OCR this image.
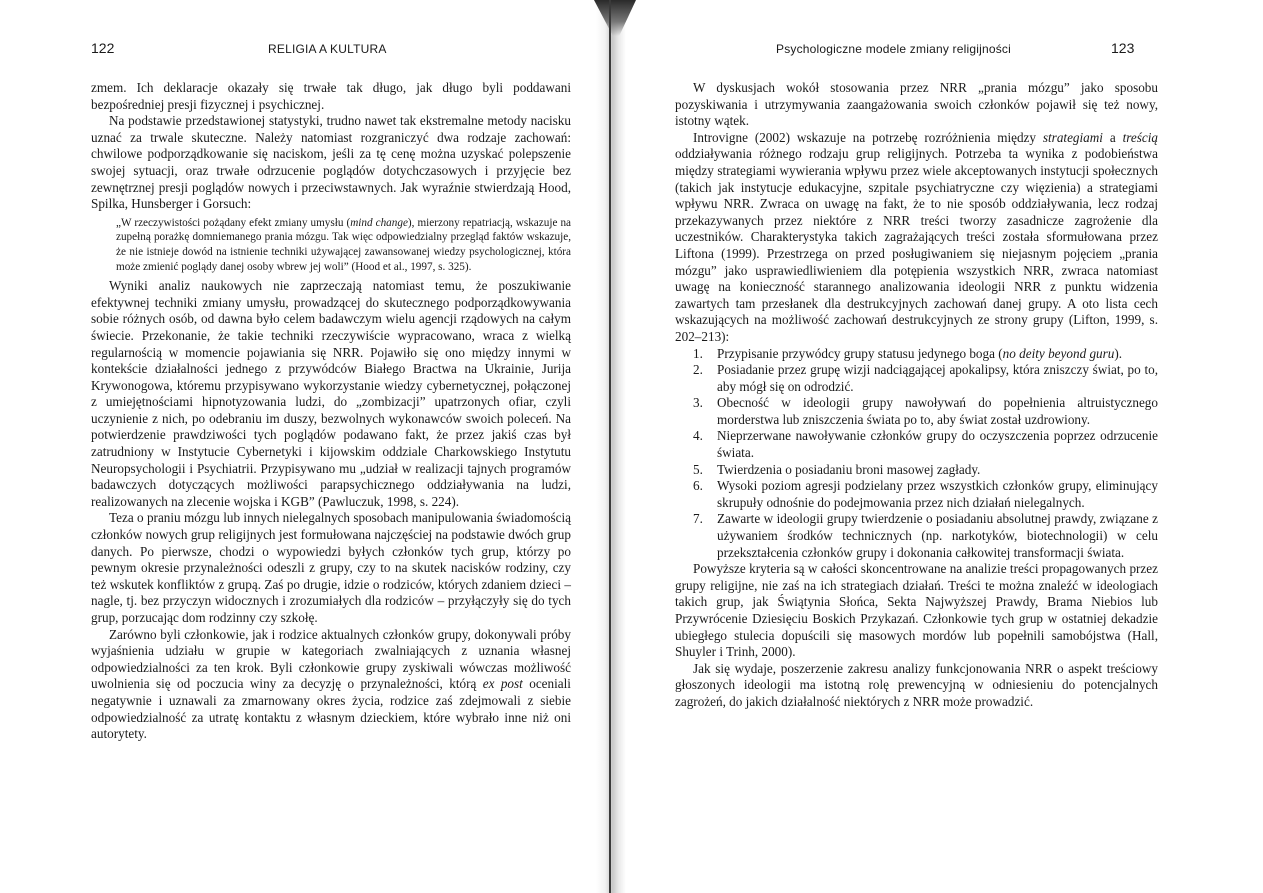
122	RELIGIA A KULTURA

zmem. Ich deklaracje okazały się trwałe tak długo, jak długo byli poddawani bezpośredniej presji fizycznej i psychicznej.

Na podstawie przedstawionej statystyki, trudno nawet tak ekstremalne metody nacisku uznać za trwale skuteczne. Należy natomiast rozgraniczyć dwa rodzaje zachowań: chwilowe podporządkowanie się naciskom, jeśli za tę cenę można uzyskać polepszenie swojej sytuacji, oraz trwałe odrzucenie poglądów dotychczasowych i przyjęcie bez zewnętrznej presji poglądów nowych i przeciwstawnych. Jak wyraźnie stwierdzają Hood, Spilka, Hunsberger i Gorsuch:

„W rzeczywistości pożądany efekt zmiany umysłu (mind change), mierzony repatriacją, wskazuje na zupełną porażkę domniemanego prania mózgu. Tak więc odpowiedzialny przegląd faktów wskazuje, że nie istnieje dowód na istnienie techniki używającej zawansowanej wiedzy psychologicznej, która może zmienić poglądy danej osoby wbrew jej woli” (Hood et al., 1997, s. 325).

Wyniki analiz naukowych nie zaprzeczają natomiast temu, że poszukiwanie efektywnej techniki zmiany umysłu, prowadzącej do skutecznego podporządkowywania sobie różnych osób, od dawna było celem badawczym wielu agencji rządowych na całym świecie. Przekonanie, że takie techniki rzeczywiście wypracowano, wraca z wielką regularnością w momencie pojawiania się NRR. Pojawiło się ono między innymi w kontekście działalności jednego z przywódców Białego Bractwa na Ukrainie, Jurija Krywonogowa, któremu przypisywano wykorzystanie wiedzy cybernetycznej, połączonej z umiejętnościami hipnotyzowania ludzi, do „zombizacji” upatrzonych ofiar, czyli uczynienie z nich, po odebraniu im duszy, bezwolnych wykonawców swoich poleceń. Na potwierdzenie prawdziwości tych poglądów podawano fakt, że przez jakiś czas był zatrudniony w Instytucie Cybernetyki i kijowskim oddziale Charkowskiego Instytutu Neuropsychologii i Psychiatrii. Przypisywano mu „udział w realizacji tajnych programów badawczych dotyczących możliwości parapsychicznego oddziaływania na ludzi, realizowanych na zlecenie wojska i KGB” (Pawluczuk, 1998, s. 224).

Teza o praniu mózgu lub innych nielegalnych sposobach manipulowania świadomością członków nowych grup religijnych jest formułowana najczęściej na podstawie dwóch grup danych. Po pierwsze, chodzi o wypowiedzi byłych członków tych grup, którzy po pewnym okresie przynależności odeszli z grupy, czy to na skutek nacisków rodziny, czy też wskutek konfliktów z grupą. Zaś po drugie, idzie o rodziców, których zdaniem dzieci – nagle, tj. bez przyczyn widocznych i zrozumiałych dla rodziców – przyłączyły się do tych grup, porzucając dom rodzinny czy szkołę.

Zarówno byli członkowie, jak i rodzice aktualnych członków grupy, dokonywali próby wyjaśnienia udziału w grupie w kategoriach zwalniających z uznania własnej odpowiedzialności za ten krok. Byli członkowie grupy zyskiwali wówczas możliwość uwolnienia się od poczucia winy za decyzję o przynależności, którą ex post oceniali negatywnie i uznawali za zmarnowany okres życia, rodzice zaś zdejmowali z siebie odpowiedzialność za utratę kontaktu z własnym dzieckiem, które wybrało inne niż oni autorytety.

Psychologiczne modele zmiany religijności	123

W dyskusjach wokół stosowania przez NRR „prania mózgu” jako sposobu pozyskiwania i utrzymywania zaangażowania swoich członków pojawił się też nowy, istotny wątek.

Introvigne (2002) wskazuje na potrzebę rozróżnienia między strategiami a treścią oddziaływania różnego rodzaju grup religijnych. Potrzeba ta wynika z podobieństwa między strategiami wywierania wpływu przez wiele akceptowanych instytucji społecznych (takich jak instytucje edukacyjne, szpitale psychiatryczne czy więzienia) a strategiami wpływu NRR. Zwraca on uwagę na fakt, że to nie sposób oddziaływania, lecz rodzaj przekazywanych przez niektóre z NRR treści tworzy zasadnicze zagrożenie dla uczestników. Charakterystyka takich zagrażających treści została sformułowana przez Liftona (1999). Przestrzega on przed posługiwaniem się niejasnym pojęciem „prania mózgu” jako usprawiedliwieniem dla potępienia wszystkich NRR, zwraca natomiast uwagę na konieczność starannego analizowania ideologii NRR z punktu widzenia zawartych tam przesłanek dla destrukcyjnych zachowań danej grupy. A oto lista cech wskazujących na możliwość zachowań destrukcyjnych ze strony grupy (Lifton, 1999, s. 202–213):

1. Przypisanie przywódcy grupy statusu jedynego boga (no deity beyond guru).
2. Posiadanie przez grupę wizji nadciągającej apokalipsy, która zniszczy świat, po to, aby mógł się on odrodzić.
3. Obecność w ideologii grupy nawoływań do popełnienia altruistycznego morderstwa lub zniszczenia świata po to, aby świat został uzdrowiony.
4. Nieprzerwane nawoływanie członków grupy do oczyszczenia poprzez odrzucenie świata.
5. Twierdzenia o posiadaniu broni masowej zagłady.
6. Wysoki poziom agresji podzielany przez wszystkich członków grupy, eliminujący skrupuły odnośnie do podejmowania przez nich działań nielegalnych.
7. Zawarte w ideologii grupy twierdzenie o posiadaniu absolutnej prawdy, związane z używaniem środków technicznych (np. narkotyków, biotechnologii) w celu przekształcenia członków grupy i dokonania całkowitej transformacji świata.

Powyższe kryteria są w całości skoncentrowane na analizie treści propagowanych przez grupy religijne, nie zaś na ich strategiach działań. Treści te można znaleźć w ideologiach takich grup, jak Świątynia Słońca, Sekta Najwyższej Prawdy, Brama Niebios lub Przywrócenie Dziesięciu Boskich Przykazań. Członkowie tych grup w ostatniej dekadzie ubiegłego stulecia dopuścili się masowych mordów lub popełnili samobójstwa (Hall, Shuyler i Trinh, 2000).

Jak się wydaje, poszerzenie zakresu analizy funkcjonowania NRR o aspekt treściowy głoszonych ideologii ma istotną rolę prewencyjną w odniesieniu do potencjalnych zagrożeń, do jakich działalność niektórych z NRR może prowadzić.
